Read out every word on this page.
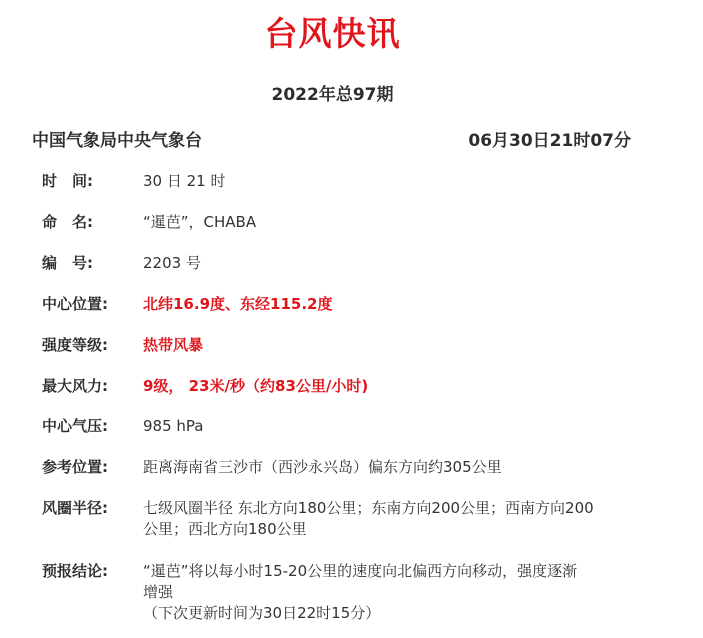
台风快讯
2022年总97期
中国气象局中央气象台	06月30日21时07分
时　间:	30 日 21 时
命　名:	“暹芭”，CHABA
编　号:	2203 号
中心位置:	北纬16.9度、东经115.2度
强度等级:	热带风暴
最大风力:	9级， 23米/秒（约83公里/小时)
中心气压:	985 hPa
参考位置:	距离海南省三沙市（西沙永兴岛）偏东方向约305公里
风圈半径:	七级风圈半径 东北方向180公里；东南方向200公里；西南方向200
公里；西北方向180公里
预报结论:	“暹芭”将以每小时15-20公里的速度向北偏西方向移动，强度逐渐
增强
（下次更新时间为30日22时15分）
